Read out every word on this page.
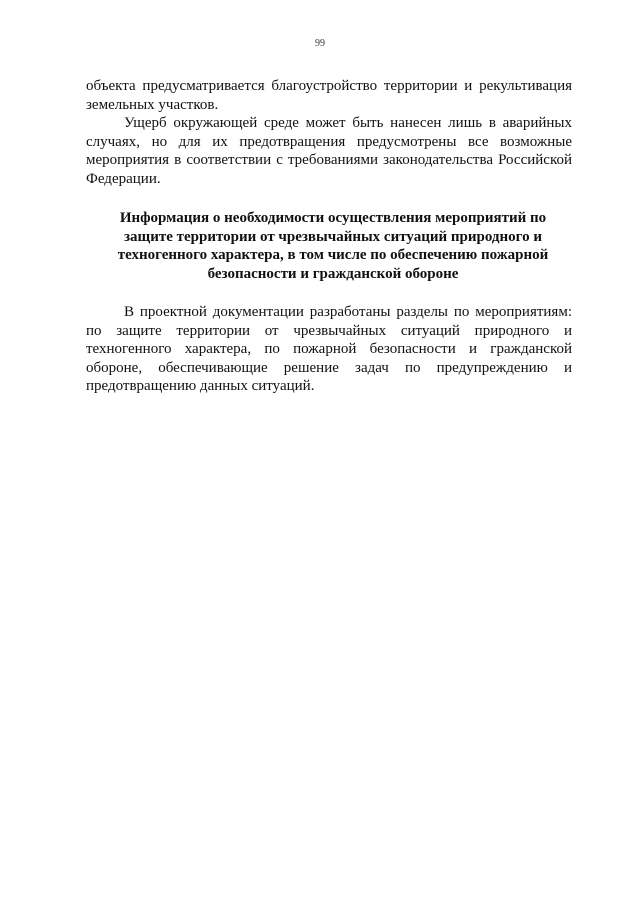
99

объекта предусматривается благоустройство территории и рекультивация земельных участков.

Ущерб окружающей среде может быть нанесен лишь в аварийных случаях, но для их предотвращения предусмотрены все возможные мероприятия в соответствии с требованиями законодательства Российской Федерации.

Информация о необходимости осуществления мероприятий по
защите территории от чрезвычайных ситуаций природного и
техногенного характера, в том числе по обеспечению пожарной
безопасности и гражданской обороне

В проектной документации разработаны разделы по мероприятиям: по защите территории от чрезвычайных ситуаций природного и техногенного характера, по пожарной безопасности и гражданской обороне, обеспечивающие решение задач по предупреждению и предотвращению данных ситуаций.
